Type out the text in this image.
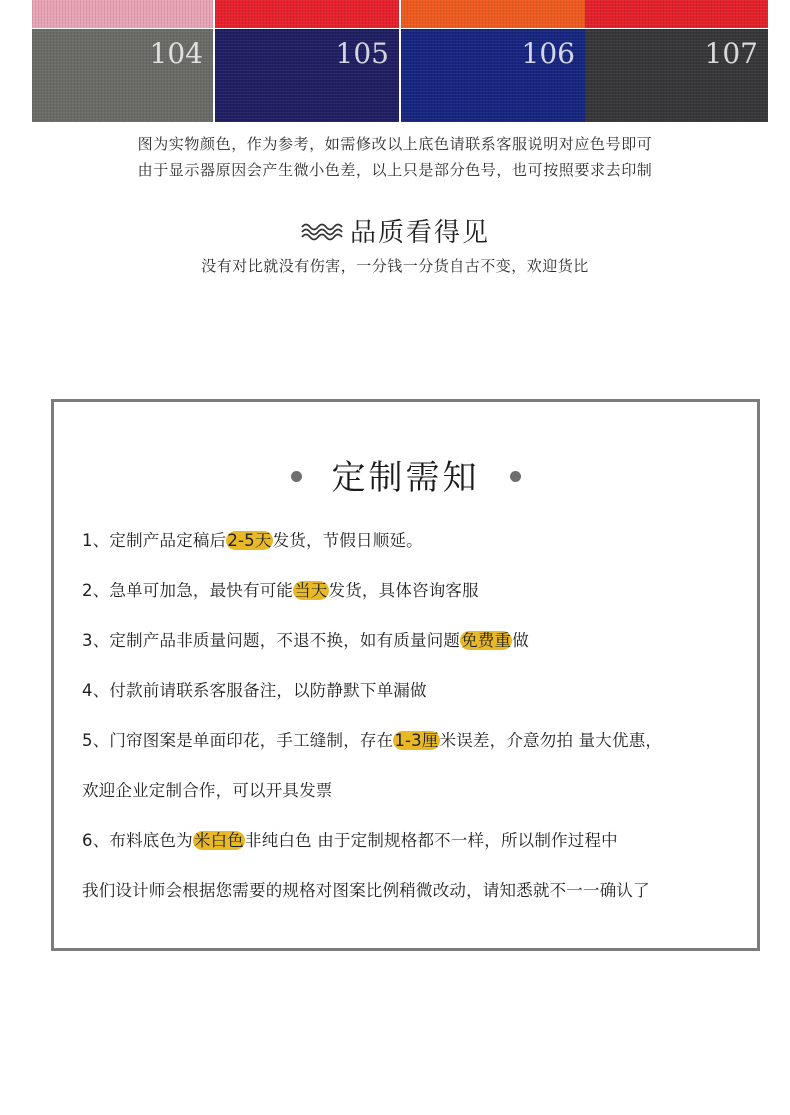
104	105	106	107
图为实物颜色，作为参考，如需修改以上底色请联系客服说明对应色号即可
由于显示器原因会产生微小色差，以上只是部分色号，也可按照要求去印制
品质看得见
没有对比就没有伤害，一分钱一分货自古不变，欢迎货比
定制需知
1、定制产品定稿后2-5天发货，节假日顺延。
2、急单可加急，最快有可能当天发货，具体咨询客服
3、定制产品非质量问题，不退不换，如有质量问题免费重做
4、付款前请联系客服备注，以防静默下单漏做
5、门帘图案是单面印花，手工缝制，存在1-3厘米误差，介意勿拍 量大优惠，
欢迎企业定制合作，可以开具发票
6、布料底色为米白色非纯白色 由于定制规格都不一样，所以制作过程中
我们设计师会根据您需要的规格对图案比例稍微改动，请知悉就不一一确认了
